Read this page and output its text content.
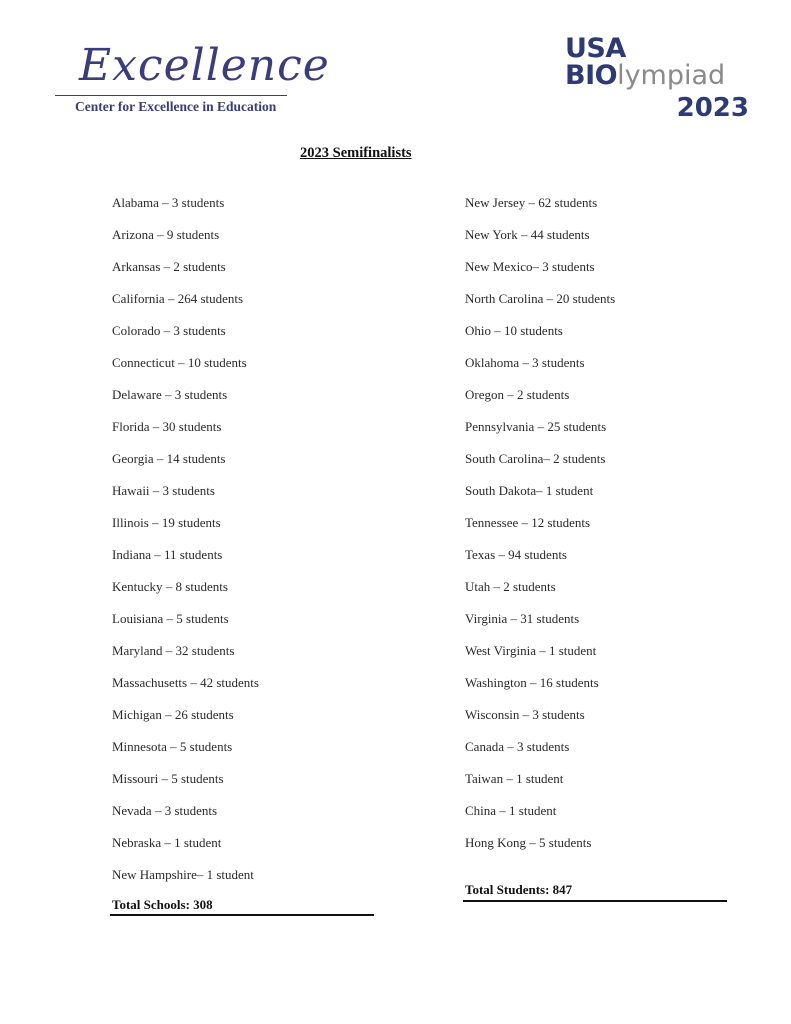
Excellence
Center for Excellence in Education
USA
BIOlympiad
2023
2023 Semifinalists
Alabama – 3 students
Arizona – 9 students
Arkansas – 2 students
California – 264 students
Colorado – 3 students
Connecticut – 10 students
Delaware – 3 students
Florida – 30 students
Georgia – 14 students
Hawaii – 3 students
Illinois – 19 students
Indiana – 11 students
Kentucky – 8 students
Louisiana – 5 students
Maryland – 32 students
Massachusetts – 42 students
Michigan – 26 students
Minnesota – 5 students
Missouri – 5 students
Nevada – 3 students
Nebraska – 1 student
New Hampshire– 1 student
New Jersey – 62 students
New York – 44 students
New Mexico– 3 students
North Carolina – 20 students
Ohio – 10 students
Oklahoma – 3 students
Oregon – 2 students
Pennsylvania – 25 students
South Carolina– 2 students
South Dakota– 1 student
Tennessee – 12 students
Texas – 94 students
Utah – 2 students
Virginia – 31 students
West Virginia – 1 student
Washington – 16 students
Wisconsin – 3 students
Canada – 3 students
Taiwan – 1 student
China – 1 student
Hong Kong – 5 students
Total Schools: 308
Total Students: 847
